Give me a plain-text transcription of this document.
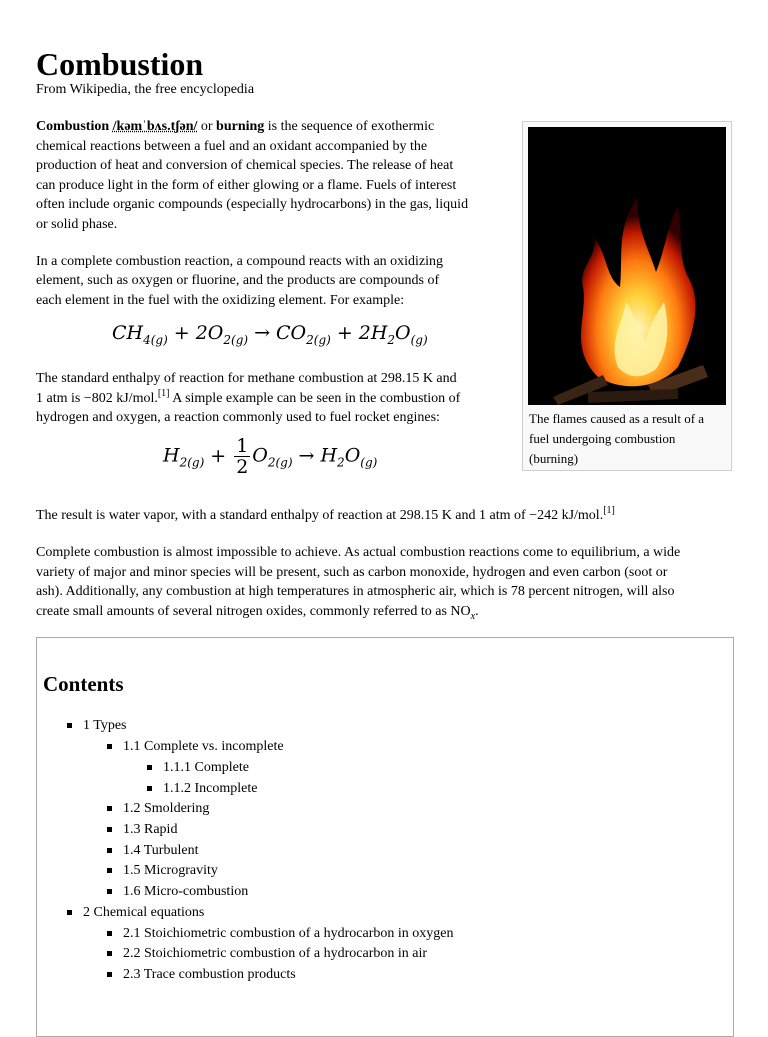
Combustion
From Wikipedia, the free encyclopedia

Combustion /kəmˈbʌs.tʃən/ or burning is the sequence of exothermic

chemical reactions between a fuel and an oxidant accompanied by the

production of heat and conversion of chemical species. The release of heat

can produce light in the form of either glowing or a flame. Fuels of interest

often include organic compounds (especially hydrocarbons) in the gas, liquid

or solid phase.

In a complete combustion reaction, a compound reacts with an oxidizing

element, such as oxygen or fluorine, and the products are compounds of

each element in the fuel with the oxidizing element. For example:

$CH_{4(g)} + 2O_{2(g)} \to CO_{2(g)} + 2H_2O_{(g)}$

The standard enthalpy of reaction for methane combustion at 298.15 K and

1 atm is −802 kJ/mol.[1] A simple example can be seen in the combustion of

hydrogen and oxygen, a reaction commonly used to fuel rocket engines:

$H_{2(g)} + \frac{1}{2} O_{2(g)} \to H_2O_{(g)}$

The result is water vapor, with a standard enthalpy of reaction at 298.15 K and 1 atm of −242 kJ/mol.[1]

Complete combustion is almost impossible to achieve. As actual combustion reactions come to equilibrium, a wide

variety of major and minor species will be present, such as carbon monoxide, hydrogen and even carbon (soot or

ash). Additionally, any combustion at high temperatures in atmospheric air, which is 78 percent nitrogen, will also

create small amounts of several nitrogen oxides, commonly referred to as $NO_x$.

The flames caused as a result of a
fuel undergoing combustion
(burning)
Contents
1 Types
1.1 Complete vs. incomplete
1.1.1 Complete
1.1.2 Incomplete
1.2 Smoldering
1.3 Rapid
1.4 Turbulent
1.5 Microgravity
1.6 Micro-combustion
2 Chemical equations
2.1 Stoichiometric combustion of a hydrocarbon in oxygen
2.2 Stoichiometric combustion of a hydrocarbon in air
2.3 Trace combustion products
